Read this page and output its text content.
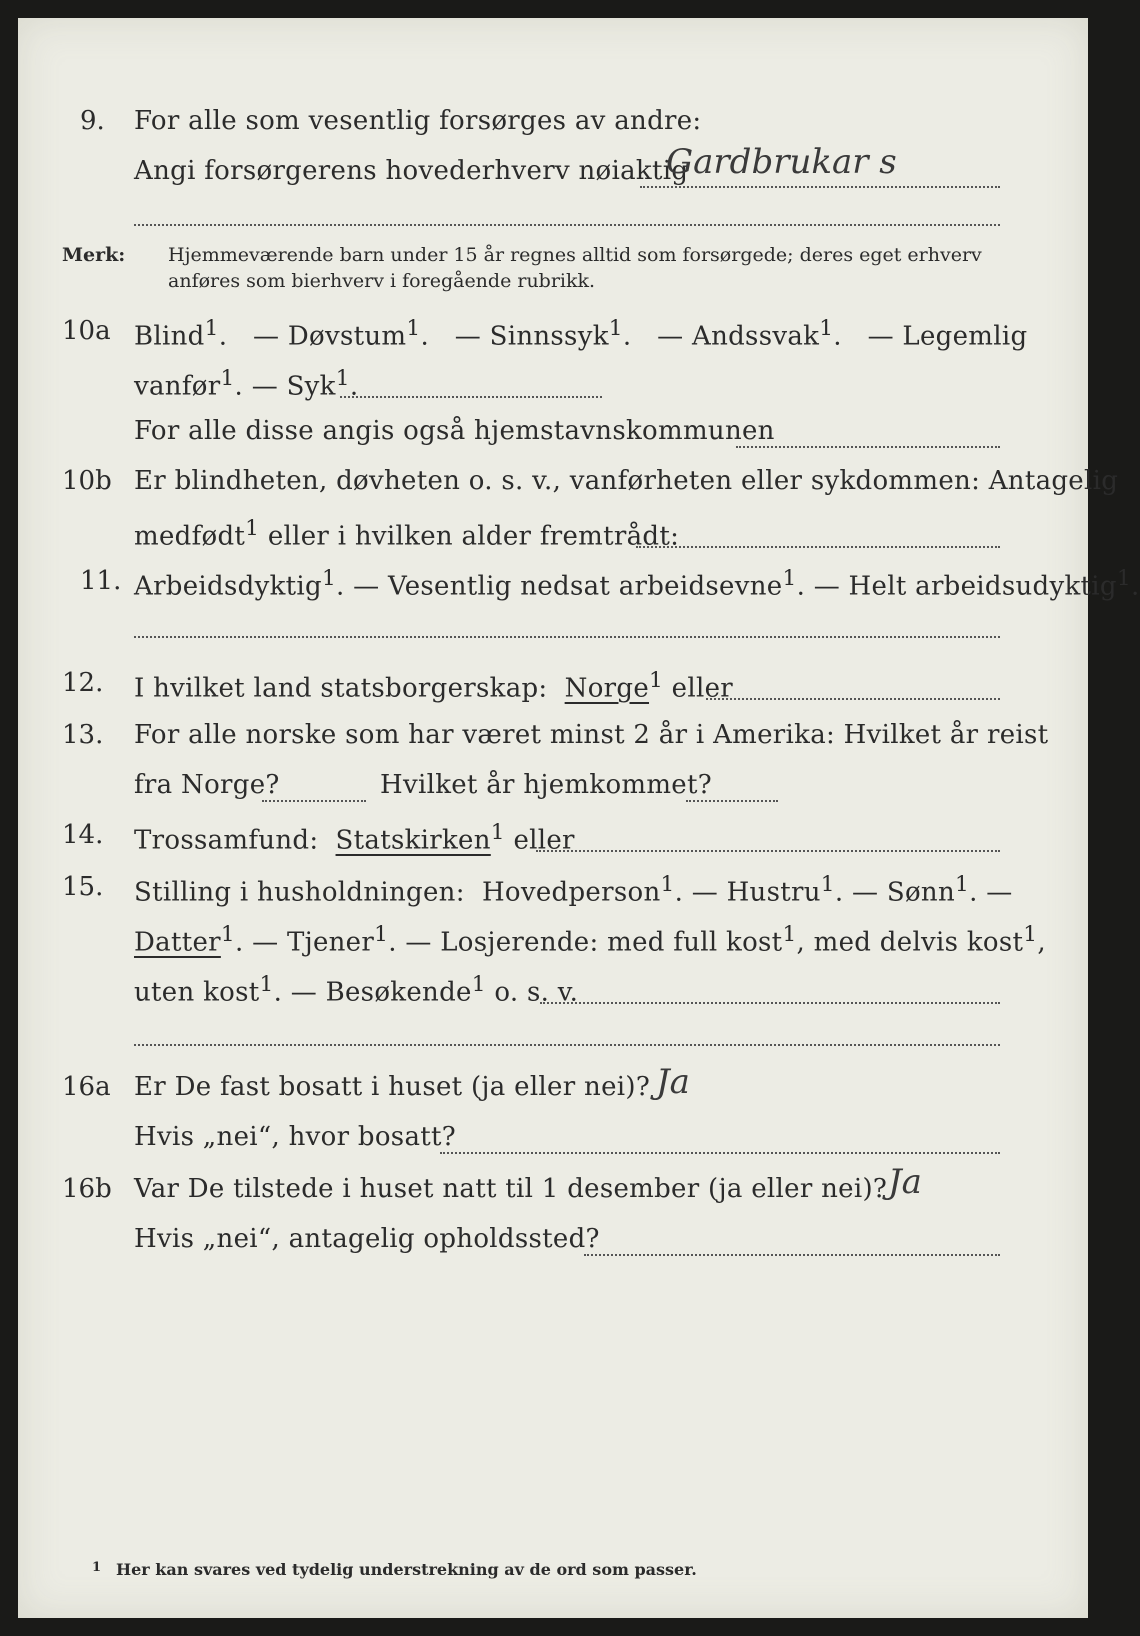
9. For alle som vesentlig forsørges av andre:
Angi forsørgerens hovederhverv nøiaktig
Gardbrukar s
Merk: Hjemmeværende barn under 15 år regnes alltid som forsørgede; deres eget erhverv
anføres som bierhverv i foregående rubrikk.
10a Blind$^1$. — Døvstum$^1$. — Sinnssyk$^1$. — Andssvak$^1$. — Legemlig
vanfør$^1$. — Syk$^1$.
For alle disse angis også hjemstavnskommunen
10b Er blindheten, døvheten o. s. v., vanførheten eller sykdommen: Antagelig
medfødt$^1$ eller i hvilken alder fremtrådt:
11. Arbeidsdyktig$^1$. — Vesentlig nedsat arbeidsevne$^1$. — Helt arbeidsudyktig$^1$.
12. I hvilket land statsborgerskap: Norge$^1$ eller
13. For alle norske som har været minst 2 år i Amerika: Hvilket år reist
fra Norge?	Hvilket år hjemkommet?
14. Trossamfund: Statskirken$^1$ eller
15. Stilling i husholdningen: Hovedperson$^1$. — Hustru$^1$. — Sønn$^1$. —
Datter$^1$. — Tjener$^1$. — Losjerende: med full kost$^1$, med delvis kost$^1$,
uten kost$^1$. — Besøkende$^1$ o. s. v.
16a Er De fast bosatt i huset (ja eller nei)? Ja
Hvis „nei“, hvor bosatt?
16b Var De tilstede i huset natt til 1 desember (ja eller nei)? Ja
Hvis „nei“, antagelig opholdssted?
1 Her kan svares ved tydelig understrekning av de ord som passer.
